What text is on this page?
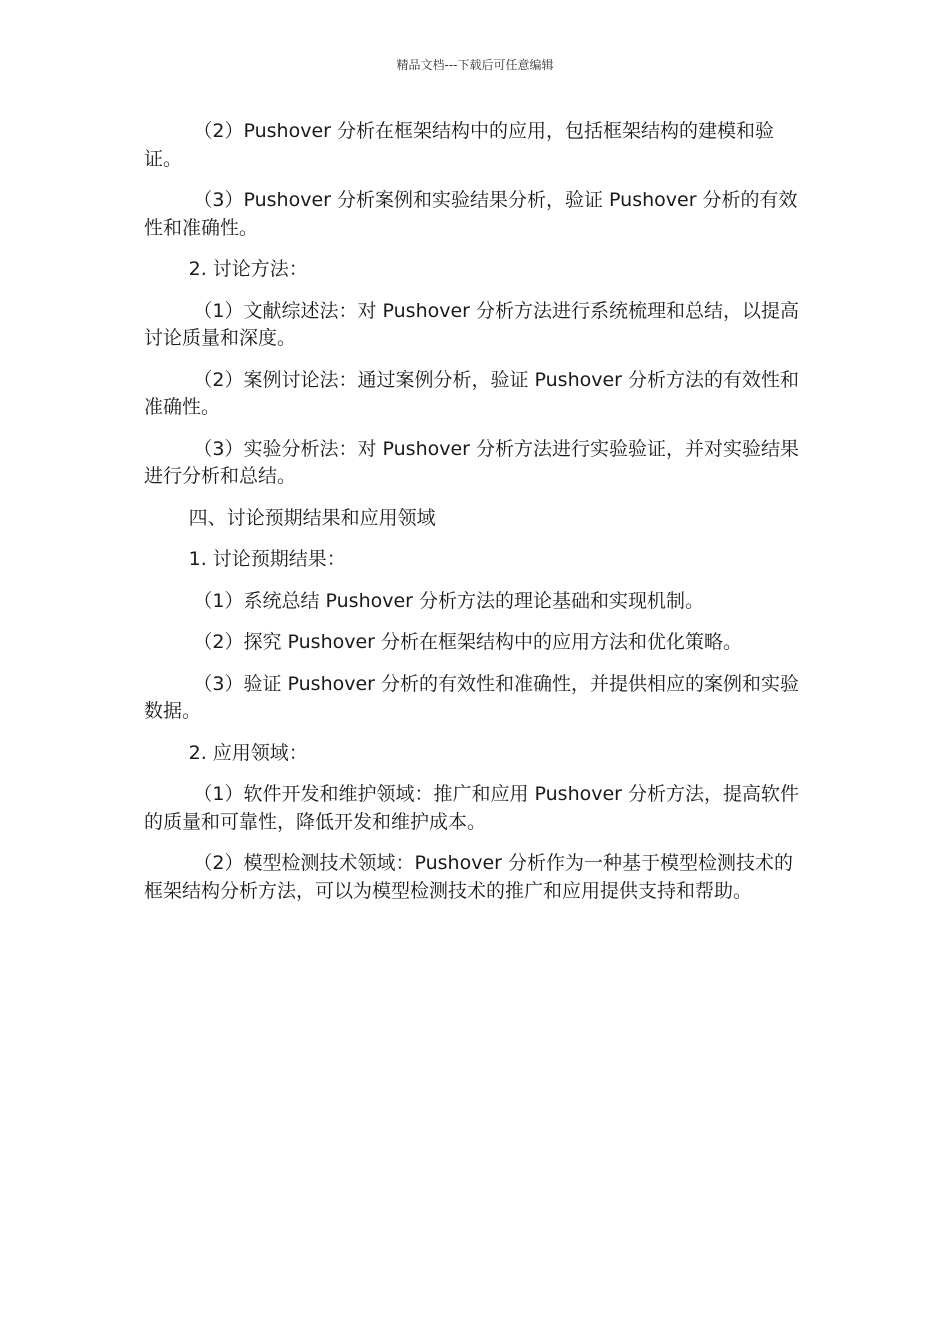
精品文档---下载后可任意编辑

（2）Pushover 分析在框架结构中的应用，包括框架结构的建模和验证。

（3）Pushover 分析案例和实验结果分析，验证 Pushover 分析的有效性和准确性。

2. 讨论方法：

（1）文献综述法：对 Pushover 分析方法进行系统梳理和总结，以提高讨论质量和深度。

（2）案例讨论法：通过案例分析，验证 Pushover 分析方法的有效性和准确性。

（3）实验分析法：对 Pushover 分析方法进行实验验证，并对实验结果进行分析和总结。

四、讨论预期结果和应用领域

1. 讨论预期结果：

（1）系统总结 Pushover 分析方法的理论基础和实现机制。

（2）探究 Pushover 分析在框架结构中的应用方法和优化策略。

（3）验证 Pushover 分析的有效性和准确性，并提供相应的案例和实验数据。

2. 应用领域：

（1）软件开发和维护领域：推广和应用 Pushover 分析方法，提高软件的质量和可靠性，降低开发和维护成本。

（2）模型检测技术领域：Pushover 分析作为一种基于模型检测技术的框架结构分析方法，可以为模型检测技术的推广和应用提供支持和帮助。
